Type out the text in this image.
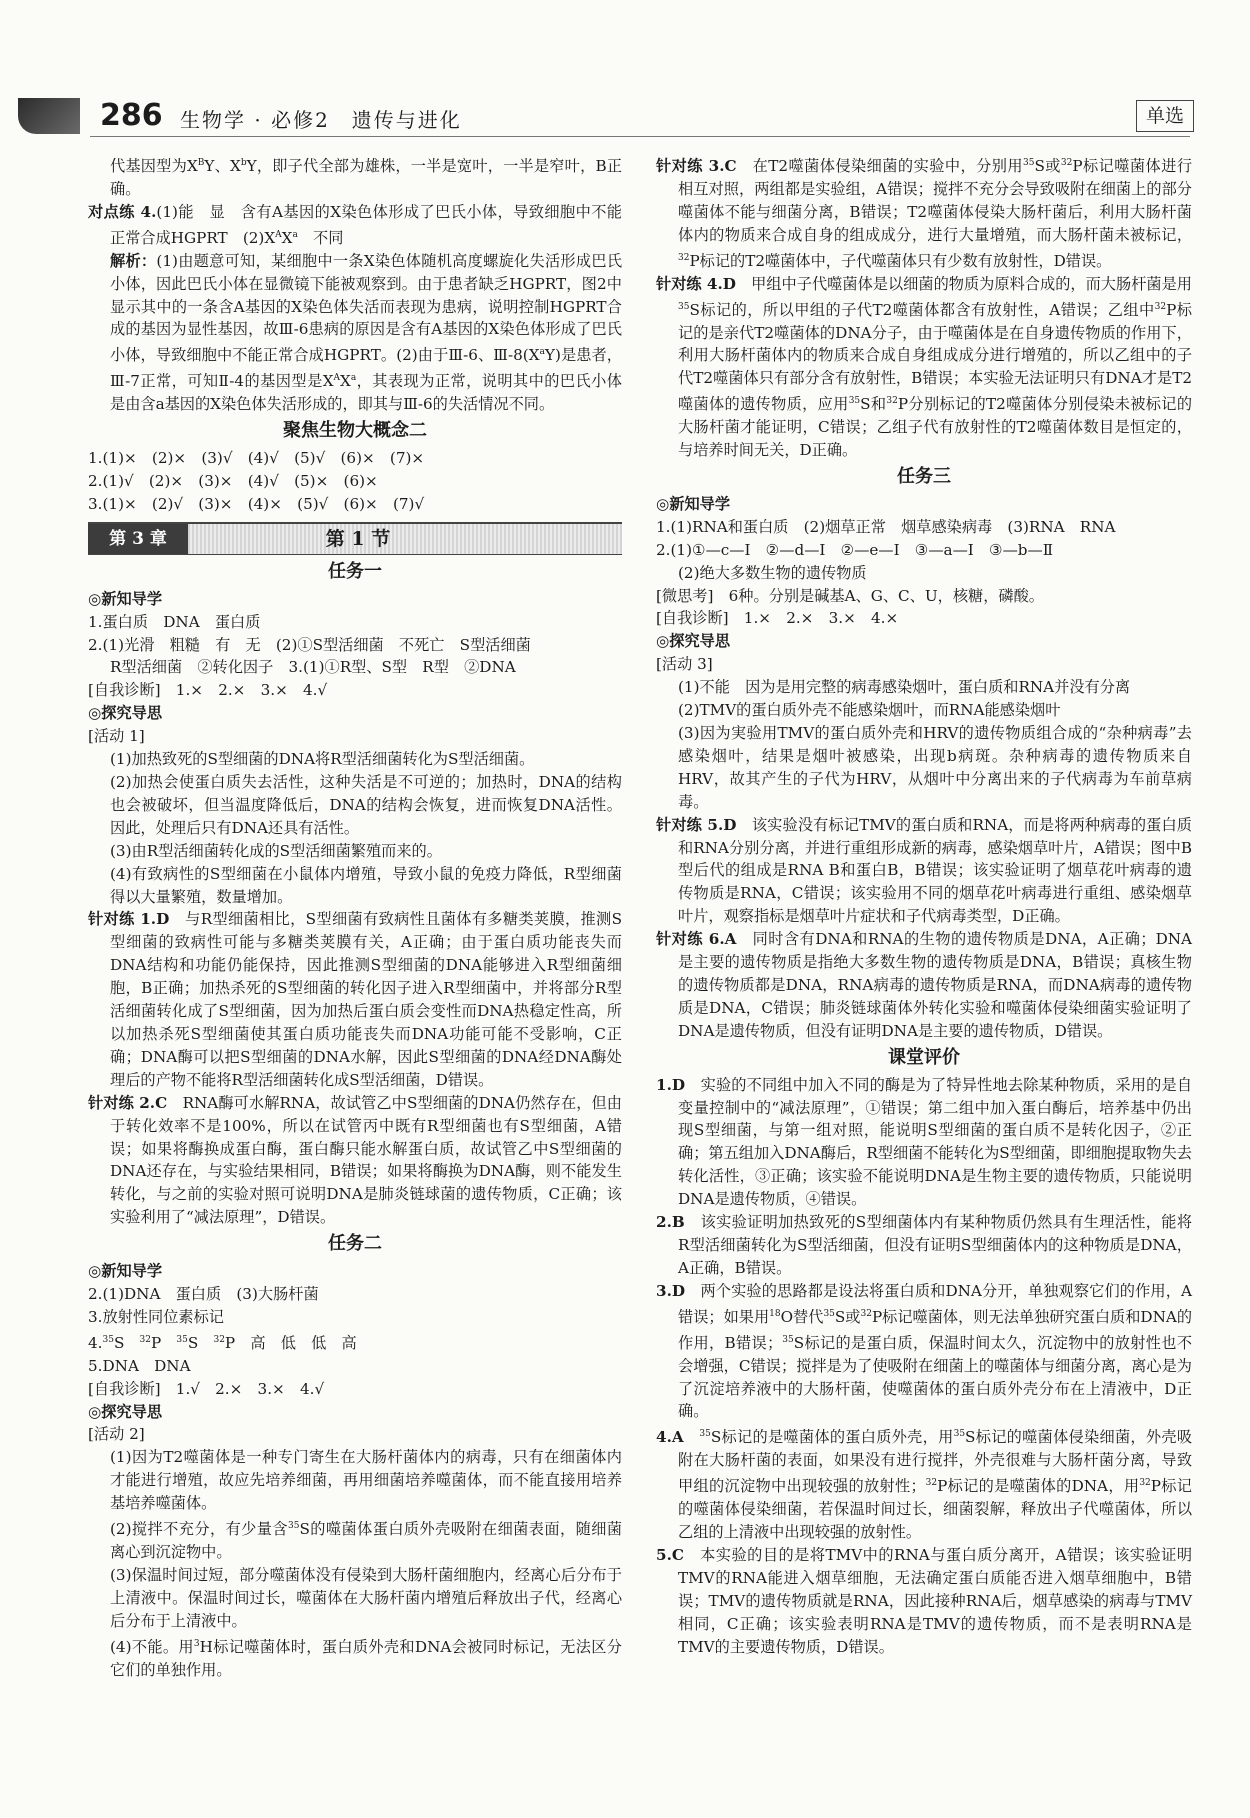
286 生物学 · 必修2　遗传与进化	单选

代基因型为$X^BY$、$X^bY$，即子代全部为雄株，一半是宽叶，一半是窄叶，B正确。

对点练 4.(1)能　显　含有A基因的X染色体形成了巴氏小体，导致细胞中不能正常合成HGPRT　$(2)X^AX^a$　不同

解析：(1)由题意可知，某细胞中一条X染色体随机高度螺旋化失活形成巴氏小体，因此巴氏小体在显微镜下能被观察到。由于患者缺乏HGPRT，图2中显示其中的一条含A基因的X染色体失活而表现为患病，说明控制HGPRT合成的基因为显性基因，故Ⅲ-6患病的原因是含有A基因的X染色体形成了巴氏小体，导致细胞中不能正常合成HGPRT。(2)由于Ⅲ-6、$Ⅲ-8(X^aY)$是患者，Ⅲ-7正常，可知Ⅱ-4的基因型是$X^AX^a$，其表现为正常，说明其中的巴氏小体是由含a基因的X染色体失活形成的，即其与Ⅲ-6的失活情况不同。

聚焦生物大概念二

1.(1)×　(2)×　(3)√　(4)√　(5)√　(6)×　(7)×

2.(1)√　(2)×　(3)×　(4)√　(5)×　(6)×

3.(1)×　(2)√　(3)×　(4)×　(5)√　(6)×　(7)√

第 3 章	第 1 节

任务一

◎新知导学

1.蛋白质　DNA　蛋白质

2.(1)光滑　粗糙　有　无　(2)①S型活细菌　不死亡　S型活细菌

R型活细菌　②转化因子　3.(1)①R型、S型　R型　②DNA

[自我诊断]　1.×　2.×　3.×　4.√

◎探究导思

[活动 1]

(1)加热致死的S型细菌的DNA将R型活细菌转化为S型活细菌。

(2)加热会使蛋白质失去活性，这种失活是不可逆的；加热时，DNA的结构也会被破坏，但当温度降低后，DNA的结构会恢复，进而恢复DNA活性。因此，处理后只有DNA还具有活性。

(3)由R型活细菌转化成的S型活细菌繁殖而来的。

(4)有致病性的S型细菌在小鼠体内增殖，导致小鼠的免疫力降低，R型细菌得以大量繁殖，数量增加。

针对练 1.D　 与R型细菌相比，S型细菌有致病性且菌体有多糖类荚膜，推测S型细菌的致病性可能与多糖类荚膜有关，A正确；由于蛋白质功能丧失而DNA结构和功能仍能保持，因此推测S型细菌的DNA能够进入R型细菌细胞，B正确；加热杀死的S型细菌的转化因子进入R型细菌中，并将部分R型活细菌转化成了S型细菌，因为加热后蛋白质会变性而DNA热稳定性高，所以加热杀死S型细菌使其蛋白质功能丧失而DNA功能可能不受影响，C正确；DNA酶可以把S型细菌的DNA水解，因此S型细菌的DNA经DNA酶处理后的产物不能将R型活细菌转化成S型活细菌，D错误。

针对练 2.C　 RNA酶可水解RNA，故试管乙中S型细菌的DNA仍然存在，但由于转化效率不是100%，所以在试管丙中既有R型细菌也有S型细菌，A错误；如果将酶换成蛋白酶，蛋白酶只能水解蛋白质，故试管乙中S型细菌的DNA还存在，与实验结果相同，B错误；如果将酶换为DNA酶，则不能发生转化，与之前的实验对照可说明DNA是肺炎链球菌的遗传物质，C正确；该实验利用了“减法原理”，D错误。

任务二

◎新知导学

2.(1)DNA　蛋白质　(3)大肠杆菌

3.放射性同位素标记

4.35S　$^{32}$P　$^{35}$S　$^{32}$P　高　低　低　高

5.DNA　DNA

[自我诊断]　1.√　2.×　3.×　4.√

◎探究导思

[活动 2]

(1)因为T2噬菌体是一种专门寄生在大肠杆菌体内的病毒，只有在细菌体内才能进行增殖，故应先培养细菌，再用细菌培养噬菌体，而不能直接用培养基培养噬菌体。

(2)搅拌不充分，有少量含$^{35}$S的噬菌体蛋白质外壳吸附在细菌表面，随细菌离心到沉淀物中。

(3)保温时间过短，部分噬菌体没有侵染到大肠杆菌细胞内，经离心后分布于上清液中。保温时间过长，噬菌体在大肠杆菌内增殖后释放出子代，经离心后分布于上清液中。

(4)不能。用$^3$H标记噬菌体时，蛋白质外壳和DNA会被同时标记，无法区分它们的单独作用。

针对练 3.C　 在T2噬菌体侵染细菌的实验中，分别用$^{35}$S或$^{32}$P标记噬菌体进行相互对照，两组都是实验组，A错误；搅拌不充分会导致吸附在细菌上的部分噬菌体不能与细菌分离，B错误；T2噬菌体侵染大肠杆菌后，利用大肠杆菌体内的物质来合成自身的组成成分，进行大量增殖，而大肠杆菌未被标记，$^{32}$P标记的T2噬菌体中，子代噬菌体只有少数有放射性，D错误。

针对练 4.D　 甲组中子代噬菌体是以细菌的物质为原料合成的，而大肠杆菌是用$^{35}$S标记的，所以甲组的子代T2噬菌体都含有放射性，A错误；乙组中$^{32}$P标记的是亲代T2噬菌体的DNA分子，由于噬菌体是在自身遗传物质的作用下，利用大肠杆菌体内的物质来合成自身组成成分进行增殖的，所以乙组中的子代T2噬菌体只有部分含有放射性，B错误；本实验无法证明只有DNA才是T2噬菌体的遗传物质，应用$^{35}$S和$^{32}$P分别标记的T2噬菌体分别侵染未被标记的大肠杆菌才能证明，C错误；乙组子代有放射性的T2噬菌体数目是恒定的，与培养时间无关，D正确。

任务三

◎新知导学

1.(1)RNA和蛋白质　(2)烟草正常　烟草感染病毒　(3)RNA　RNA

2.(1)①—c—Ⅰ　②—d—Ⅰ　②—e—Ⅰ　③—a—Ⅰ　③—b—Ⅱ

(2)绝大多数生物的遗传物质

[微思考]　6种。分别是碱基A、G、C、U，核糖，磷酸。

[自我诊断]　1.×　2.×　3.×　4.×

◎探究导思

[活动 3]

(1)不能　因为是用完整的病毒感染烟叶，蛋白质和RNA并没有分离

(2)TMV的蛋白质外壳不能感染烟叶，而RNA能感染烟叶

(3)因为実验用TMV的蛋白质外壳和HRV的遗传物质组合成的“杂种病毒”去感染烟叶，结果是烟叶被感染，出现b病斑。杂种病毒的遗传物质来自HRV，故其产生的子代为HRV，从烟叶中分离出来的子代病毒为车前草病毒。

针对练 5.D　 该实验没有标记TMV的蛋白质和RNA，而是将两种病毒的蛋白质和RNA分别分离，并进行重组形成新的病毒，感染烟草叶片，A错误；图中B型后代的组成是RNA B和蛋白B，B错误；该实验证明了烟草花叶病毒的遗传物质是RNA，C错误；该实验用不同的烟草花叶病毒进行重组、感染烟草叶片，观察指标是烟草叶片症状和子代病毒类型，D正确。

针对练 6.A　 同时含有DNA和RNA的生物的遗传物质是DNA，A正确；DNA是主要的遗传物质是指绝大多数生物的遗传物质是DNA，B错误；真核生物的遗传物质都是DNA，RNA病毒的遗传物质是RNA，而DNA病毒的遗传物质是DNA，C错误；肺炎链球菌体外转化实验和噬菌体侵染细菌实验证明了DNA是遗传物质，但没有证明DNA是主要的遗传物质，D错误。

课堂评价

1.D　 实验的不同组中加入不同的酶是为了特异性地去除某种物质，采用的是自变量控制中的“减法原理”，①错误；第二组中加入蛋白酶后，培养基中仍出现S型细菌，与第一组对照，能说明S型细菌的蛋白质不是转化因子，②正确；第五组加入DNA酶后，R型细菌不能转化为S型细菌，即细胞提取物失去转化活性，③正确；该实验不能说明DNA是生物主要的遗传物质，只能说明DNA是遗传物质，④错误。

2.B　 该实验证明加热致死的S型细菌体内有某种物质仍然具有生理活性，能将R型活细菌转化为S型活细菌，但没有证明S型细菌体内的这种物质是DNA，A正确，B错误。

3.D　 两个实验的思路都是设法将蛋白质和DNA分开，单独观察它们的作用，A错误；如果用$^{18}$O替代$^{35}$S或$^{32}$P标记噬菌体，则无法单独研究蛋白质和DNA的作用，B错误；$^{35}$S标记的是蛋白质，保温时间太久，沉淀物中的放射性也不会增强，C错误；搅拌是为了使吸附在细菌上的噬菌体与细菌分离，离心是为了沉淀培养液中的大肠杆菌，使噬菌体的蛋白质外壳分布在上清液中，D正确。

4.A　 $^{35}$S标记的是噬菌体的蛋白质外壳，用$^{35}$S标记的噬菌体侵染细菌，外壳吸附在大肠杆菌的表面，如果没有进行搅拌，外壳很难与大肠杆菌分离，导致甲组的沉淀物中出现较强的放射性；$^{32}$P标记的是噬菌体的DNA，用$^{32}$P标记的噬菌体侵染细菌，若保温时间过长，细菌裂解，释放出子代噬菌体，所以乙组的上清液中出现较强的放射性。

5.C　 本实验的目的是将TMV中的RNA与蛋白质分离开，A错误；该实验证明TMV的RNA能进入烟草细胞，无法确定蛋白质能否进入烟草细胞中，B错误；TMV的遗传物质就是RNA，因此接种RNA后，烟草感染的病毒与TMV相同，C正确；该实验表明RNA是TMV的遗传物质，而不是表明RNA是TMV的主要遗传物质，D错误。
